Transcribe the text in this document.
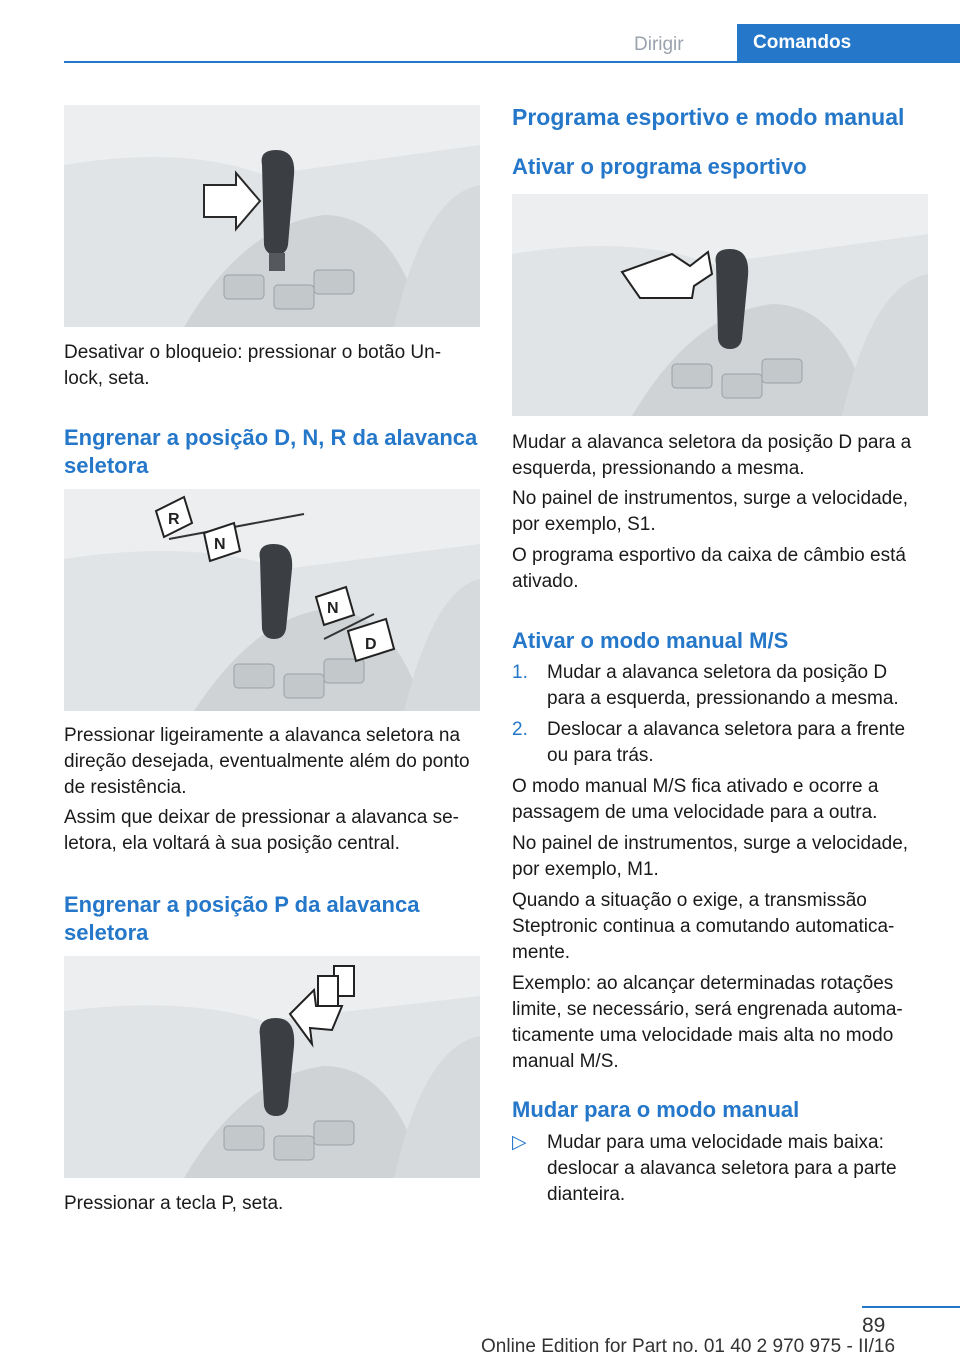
Dirigir	Comandos

Desativar o bloqueio: pressionar o botão Un‐lock, seta.

Engrenar a posição D, N, R da alavanca seletora
R
N
N
D

Pressionar ligeiramente a alavanca seletora na direção desejada, eventualmente além do ponto de resistência.

Assim que deixar de pressionar a alavanca se‐letora, ela voltará à sua posição central.

Engrenar a posição P da alavanca seletora

Pressionar a tecla P, seta.

Programa esportivo e modo manual
Ativar o programa esportivo

Mudar a alavanca seletora da posição D para a esquerda, pressionando a mesma.

No painel de instrumentos, surge a velocidade, por exemplo, S1.

O programa esportivo da caixa de câmbio está ativado.

Ativar o modo manual M/S
1. Mudar a alavanca seletora da posição D para a esquerda, pressionando a mesma.
2. Deslocar a alavanca seletora para a frente ou para trás.

O modo manual M/S fica ativado e ocorre a passagem de uma velocidade para a outra.

No painel de instrumentos, surge a velocidade, por exemplo, M1.

Quando a situação o exige, a transmissão Steptronic continua a comutando automatica‐mente.

Exemplo: ao alcançar determinadas rotações limite, se necessário, será engrenada automa‐ticamente uma velocidade mais alta no modo manual M/S.

Mudar para o modo manual
▷ Mudar para uma velocidade mais baixa: deslocar a alavanca seletora para a parte dianteira.
89
Online Edition for Part no. 01 40 2 970 975 - II/16
